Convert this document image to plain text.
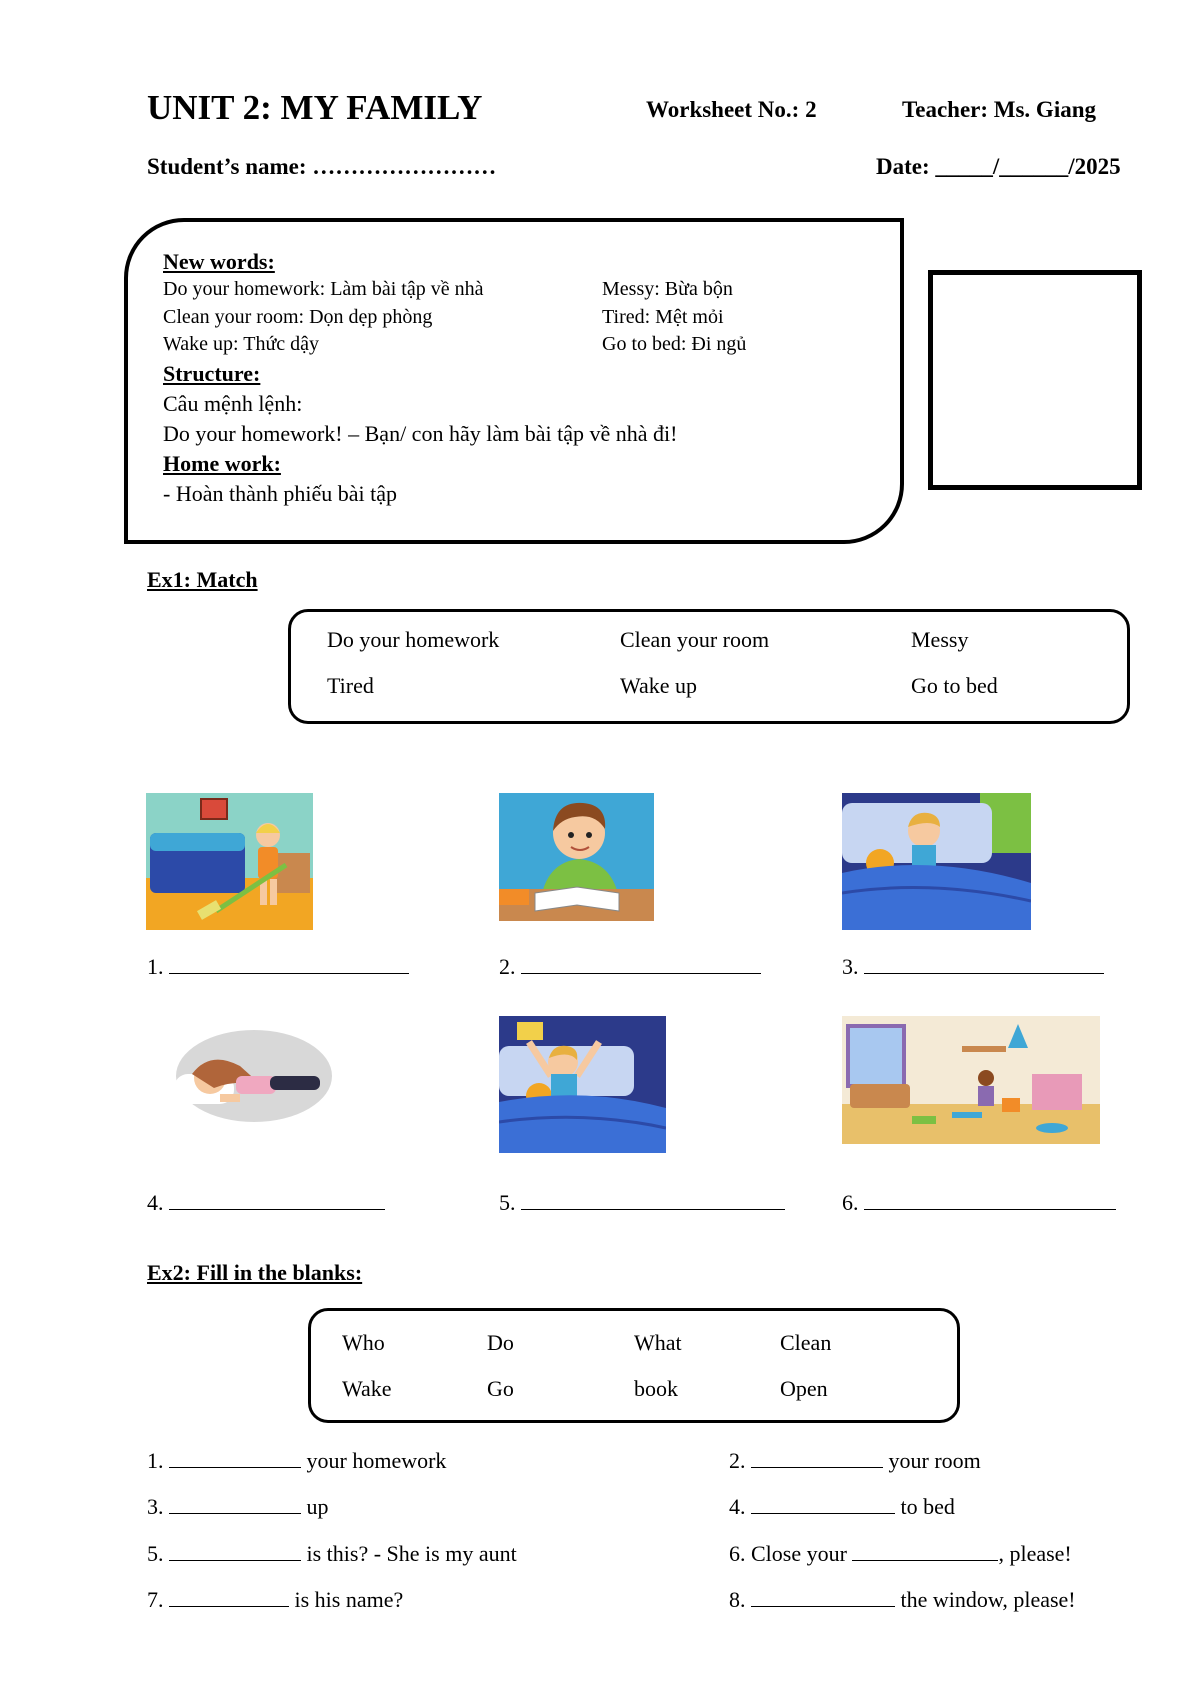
UNIT 2: MY FAMILY	Worksheet No.: 2	Teacher: Ms. Giang
Student’s name: ……………………	Date: _____/______/2025
New words:
Do your homework: Làm bài tập về nhà
Clean your room: Dọn dẹp phòng
Wake up: Thức dậy
Messy: Bừa bộn
Tired: Mệt mỏi
Go to bed: Đi ngủ
Structure:
Câu mệnh lệnh:
Do your homework! – Bạn/ con hãy làm bài tập về nhà đi!
Home work:
- Hoàn thành phiếu bài tập
Ex1: Match
Do your homework	Clean your room	Messy
Tired	Wake up	Go to bed
1.	2.	3.
4.	5.	6.
Ex2: Fill in the blanks:
Who	Do	What	Clean
Wake	Go	book	Open
1.	your homework	2.	your room
3.	up	4.	to bed
5.	is this? - She is my aunt	6. Close your	, please!
7.	is his name?	8.	the window, please!
